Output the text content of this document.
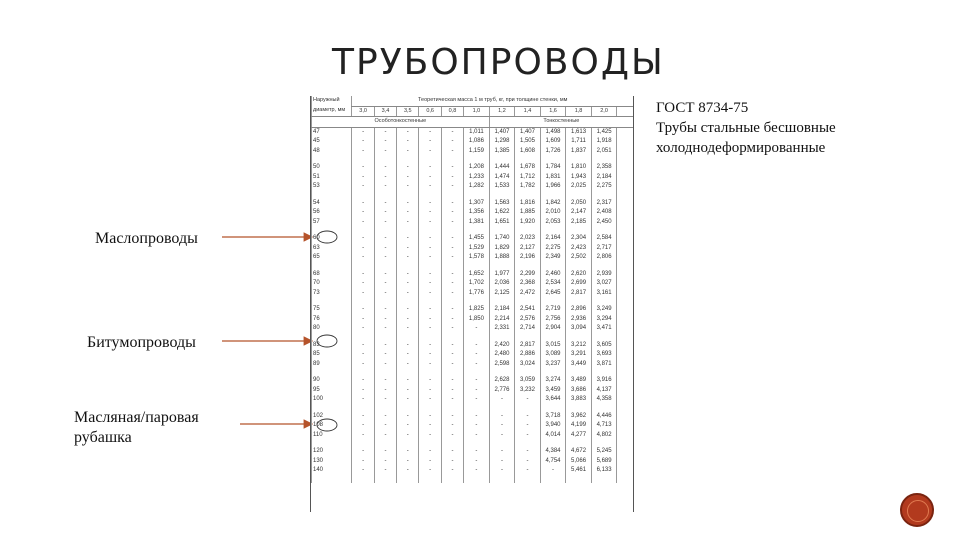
ТРУБОПРОВОДЫ
ГОСТ 8734-75
Трубы стальные бесшовные
холоднодеформированные
Маслопроводы
Битумопроводы
Масляная/паровая
рубашка
Наружный диаметр, мм	Теоретическая масса 1 м труб, кг, при толщине стенки, мм											
	3,0	3,4	3,5	0,6	0,8	1,0	1,2	1,4	1,6	1,8	2,0	
Особотонкостенные							Тонкостенные					
47	-	-	-	-	-	1,011	1,407	1,407	1,498	1,613	1,425	
45	-	-	-	-	-	1,086	1,298	1,505	1,609	1,711	1,918	
48	-	-	-	-	-	1,159	1,385	1,608	1,726	1,837	2,051	

50	-	-	-	-	-	1,208	1,444	1,678	1,784	1,810	2,358	
51	-	-	-	-	-	1,233	1,474	1,712	1,831	1,943	2,184	
53	-	-	-	-	-	1,282	1,533	1,782	1,966	2,025	2,275	

54	-	-	-	-	-	1,307	1,563	1,816	1,842	2,050	2,317	
56	-	-	-	-	-	1,356	1,622	1,885	2,010	2,147	2,408	
57	-	-	-	-	-	1,381	1,651	1,920	2,053	2,185	2,450	

60	-	-	-	-	-	1,455	1,740	2,023	2,164	2,304	2,584	
63	-	-	-	-	-	1,529	1,829	2,127	2,275	2,423	2,717	
65	-	-	-	-	-	1,578	1,888	2,196	2,349	2,502	2,806	

68	-	-	-	-	-	1,652	1,977	2,299	2,460	2,620	2,939	
70	-	-	-	-	-	1,702	2,036	2,368	2,534	2,699	3,027	
73	-	-	-	-	-	1,776	2,125	2,472	2,645	2,817	3,161	

75	-	-	-	-	-	1,825	2,184	2,541	2,719	2,896	3,249	
76	-	-	-	-	-	1,850	2,214	2,576	2,756	2,936	3,294	
80	-	-	-	-	-	-	2,331	2,714	2,904	3,094	3,471	

83	-	-	-	-	-	-	2,420	2,817	3,015	3,212	3,605	
85	-	-	-	-	-	-	2,480	2,886	3,089	3,291	3,693	
89	-	-	-	-	-	-	2,598	3,024	3,237	3,449	3,871	

90	-	-	-	-	-	-	2,628	3,059	3,274	3,489	3,916	
95	-	-	-	-	-	-	2,776	3,232	3,459	3,686	4,137	
100	-	-	-	-	-	-	-	-	3,644	3,883	4,358	

102	-	-	-	-	-	-	-	-	3,718	3,962	4,446	
108	-	-	-	-	-	-	-	-	3,940	4,199	4,713	
110	-	-	-	-	-	-	-	-	4,014	4,277	4,802	

120	-	-	-	-	-	-	-	-	4,384	4,672	5,245	
130	-	-	-	-	-	-	-	-	4,754	5,066	5,689	
140	-	-	-	-	-	-	-	-	-	5,461	6,133	
